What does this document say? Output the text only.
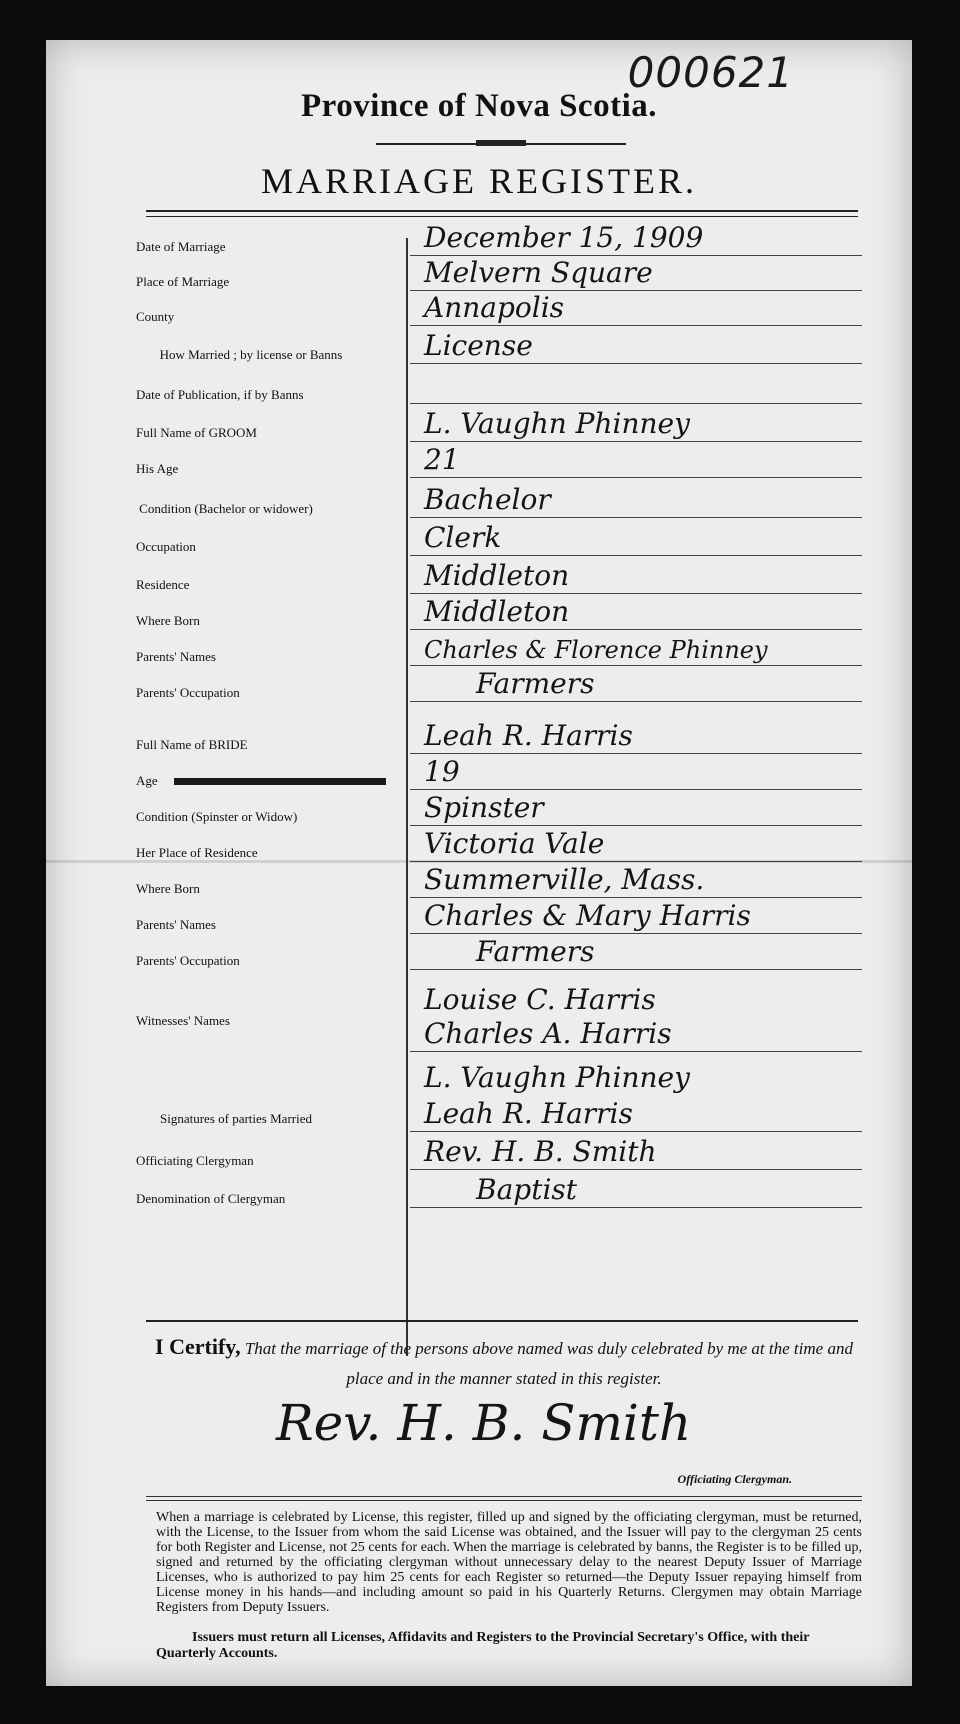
000621
Province of Nova Scotia.
MARRIAGE REGISTER.
Date of Marriage	December 15, 1909
Place of Marriage	Melvern Square
County	Annapolis
How Married ; by license or Banns	License
Date of Publication, if by Banns
Full Name of GROOM	L. Vaughn Phinney
His Age	21
Condition (Bachelor or widower)	Bachelor
Occupation	Clerk
Residence	Middleton
Where Born	Middleton
Parents' Names	Charles & Florence Phinney
Parents' Occupation	Farmers
Full Name of BRIDE	Leah R. Harris
Age	19
Condition (Spinster or Widow)	Spinster
Her Place of Residence	Victoria Vale
Where Born	Summerville, Mass.
Parents' Names	Charles & Mary Harris
Parents' Occupation	Farmers
Witnesses' Names
Louise C. Harris
Charles A. Harris
Signatures of parties Married
L. Vaughn Phinney
Leah R. Harris
Officiating Clergyman	Rev. H. B. Smith
Denomination of Clergyman	Baptist
I Certify, That the marriage of the persons above named was duly celebrated by me at the time and place and in the manner stated in this register.
Rev. H. B. Smith
Officiating Clergyman.
When a marriage is celebrated by License, this register, filled up and signed by the officiating clergyman, must be returned, with the License, to the Issuer from whom the said License was obtained, and the Issuer will pay to the clergyman 25 cents for both Register and License, not 25 cents for each. When the marriage is celebrated by banns, the Register is to be filled up, signed and returned by the officiating clergyman without unnecessary delay to the nearest Deputy Issuer of Marriage Licenses, who is authorized to pay him 25 cents for each Register so returned—the Deputy Issuer repaying himself from License money in his hands—and including amount so paid in his Quarterly Returns. Clergymen may obtain Marriage Registers from Deputy Issuers.
Issuers must return all Licenses, Affidavits and Registers to the Provincial Secretary's Office, with their Quarterly Accounts.
